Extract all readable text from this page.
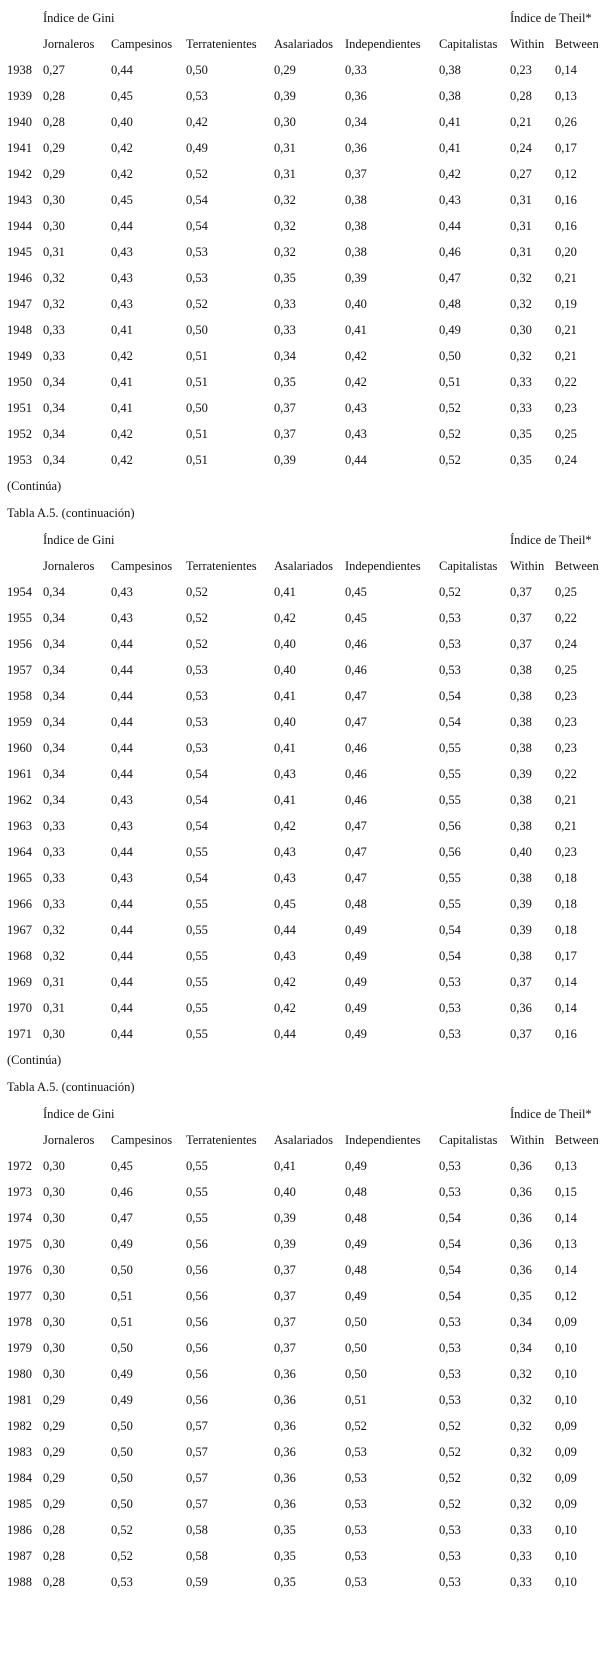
Índice de Gini	Índice de Theil*
Jornaleros Campesinos Terratenientes Asalariados Independientes Capitalistas Within Between
1938 0,27	0,44	0,50	0,29	0,33	0,38	0,23 0,14
1939 0,28	0,45	0,53	0,39	0,36	0,38	0,28 0,13
1940 0,28	0,40	0,42	0,30	0,34	0,41	0,21 0,26
1941 0,29	0,42	0,49	0,31	0,36	0,41	0,24 0,17
1942 0,29	0,42	0,52	0,31	0,37	0,42	0,27 0,12
1943 0,30	0,45	0,54	0,32	0,38	0,43	0,31 0,16
1944 0,30	0,44	0,54	0,32	0,38	0,44	0,31 0,16
1945 0,31	0,43	0,53	0,32	0,38	0,46	0,31 0,20
1946 0,32	0,43	0,53	0,35	0,39	0,47	0,32 0,21
1947 0,32	0,43	0,52	0,33	0,40	0,48	0,32 0,19
1948 0,33	0,41	0,50	0,33	0,41	0,49	0,30 0,21
1949 0,33	0,42	0,51	0,34	0,42	0,50	0,32 0,21
1950 0,34	0,41	0,51	0,35	0,42	0,51	0,33 0,22
1951 0,34	0,41	0,50	0,37	0,43	0,52	0,33 0,23
1952 0,34	0,42	0,51	0,37	0,43	0,52	0,35 0,25
1953 0,34	0,42	0,51	0,39	0,44	0,52	0,35 0,24
(Continúa)
Tabla A.5. (continuación)
Índice de Gini	Índice de Theil*
Jornaleros Campesinos Terratenientes Asalariados Independientes Capitalistas Within Between
1954 0,34	0,43	0,52	0,41	0,45	0,52	0,37 0,25
1955 0,34	0,43	0,52	0,42	0,45	0,53	0,37 0,22
1956 0,34	0,44	0,52	0,40	0,46	0,53	0,37 0,24
1957 0,34	0,44	0,53	0,40	0,46	0,53	0,38 0,25
1958 0,34	0,44	0,53	0,41	0,47	0,54	0,38 0,23
1959 0,34	0,44	0,53	0,40	0,47	0,54	0,38 0,23
1960 0,34	0,44	0,53	0,41	0,46	0,55	0,38 0,23
1961 0,34	0,44	0,54	0,43	0,46	0,55	0,39 0,22
1962 0,34	0,43	0,54	0,41	0,46	0,55	0,38 0,21
1963 0,33	0,43	0,54	0,42	0,47	0,56	0,38 0,21
1964 0,33	0,44	0,55	0,43	0,47	0,56	0,40 0,23
1965 0,33	0,43	0,54	0,43	0,47	0,55	0,38 0,18
1966 0,33	0,44	0,55	0,45	0,48	0,55	0,39 0,18
1967 0,32	0,44	0,55	0,44	0,49	0,54	0,39 0,18
1968 0,32	0,44	0,55	0,43	0,49	0,54	0,38 0,17
1969 0,31	0,44	0,55	0,42	0,49	0,53	0,37 0,14
1970 0,31	0,44	0,55	0,42	0,49	0,53	0,36 0,14
1971 0,30	0,44	0,55	0,44	0,49	0,53	0,37 0,16
(Continúa)
Tabla A.5. (continuación)
Índice de Gini	Índice de Theil*
Jornaleros Campesinos Terratenientes Asalariados Independientes Capitalistas Within Between
1972 0,30	0,45	0,55	0,41	0,49	0,53	0,36 0,13
1973 0,30	0,46	0,55	0,40	0,48	0,53	0,36 0,15
1974 0,30	0,47	0,55	0,39	0,48	0,54	0,36 0,14
1975 0,30	0,49	0,56	0,39	0,49	0,54	0,36 0,13
1976 0,30	0,50	0,56	0,37	0,48	0,54	0,36 0,14
1977 0,30	0,51	0,56	0,37	0,49	0,54	0,35 0,12
1978 0,30	0,51	0,56	0,37	0,50	0,53	0,34 0,09
1979 0,30	0,50	0,56	0,37	0,50	0,53	0,34 0,10
1980 0,30	0,49	0,56	0,36	0,50	0,53	0,32 0,10
1981 0,29	0,49	0,56	0,36	0,51	0,53	0,32 0,10
1982 0,29	0,50	0,57	0,36	0,52	0,52	0,32 0,09
1983 0,29	0,50	0,57	0,36	0,53	0,52	0,32 0,09
1984 0,29	0,50	0,57	0,36	0,53	0,52	0,32 0,09
1985 0,29	0,50	0,57	0,36	0,53	0,52	0,32 0,09
1986 0,28	0,52	0,58	0,35	0,53	0,53	0,33 0,10
1987 0,28	0,52	0,58	0,35	0,53	0,53	0,33 0,10
1988 0,28	0,53	0,59	0,35	0,53	0,53	0,33 0,10
